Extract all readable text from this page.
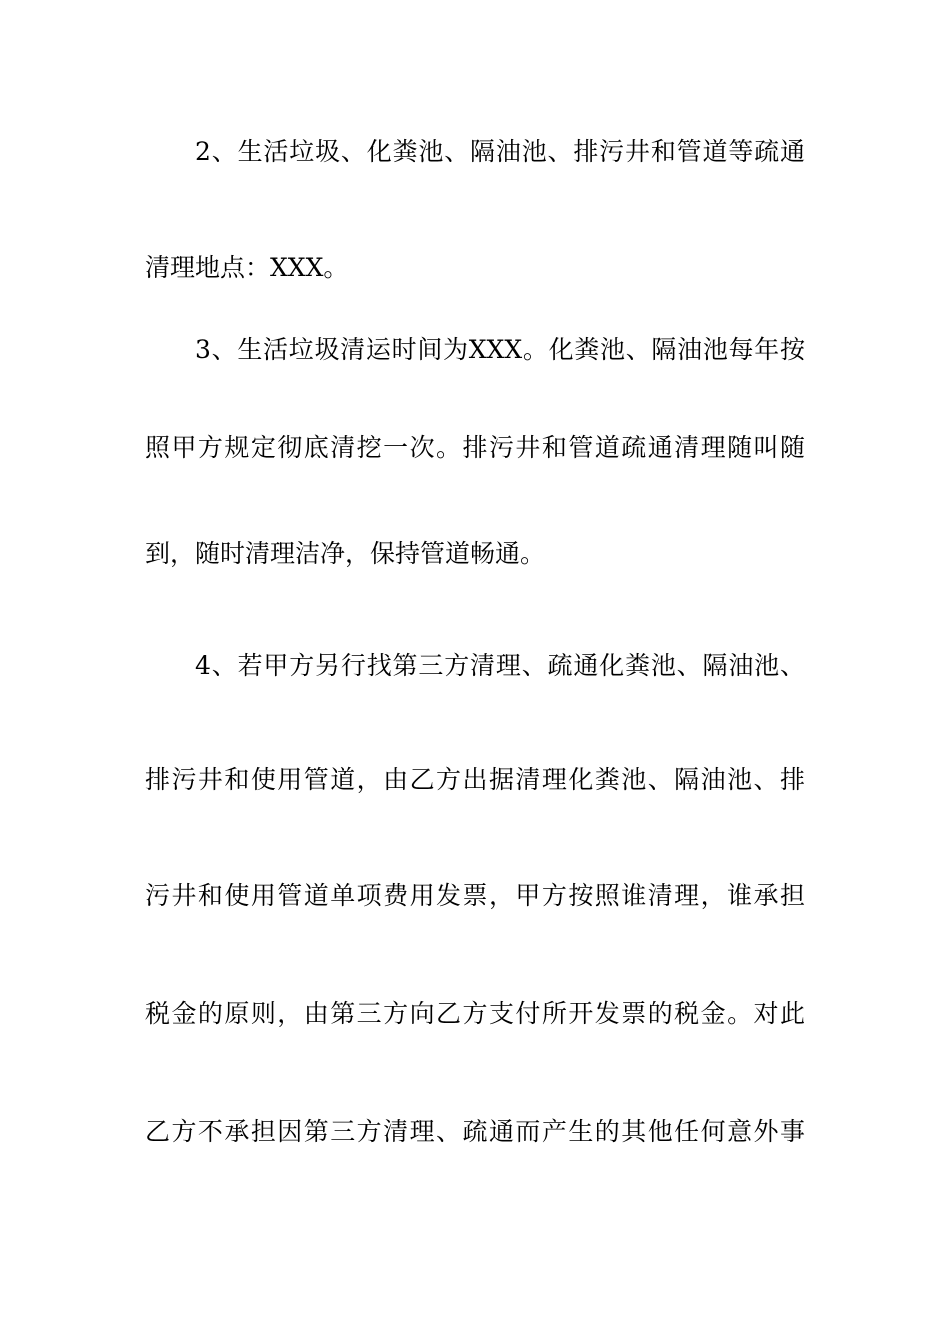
2、生活垃圾、化粪池、隔油池、排污井和管道等疏通
清理地点：XXX。
3、生活垃圾清运时间为XXX。化粪池、隔油池每年按
照甲方规定彻底清挖一次。排污井和管道疏通清理随叫随
到，随时清理洁净，保持管道畅通。
4、若甲方另行找第三方清理、疏通化粪池、隔油池、
排污井和使用管道，由乙方出据清理化粪池、隔油池、排
污井和使用管道单项费用发票，甲方按照谁清理，谁承担
税金的原则，由第三方向乙方支付所开发票的税金。对此
乙方不承担因第三方清理、疏通而产生的其他任何意外事
